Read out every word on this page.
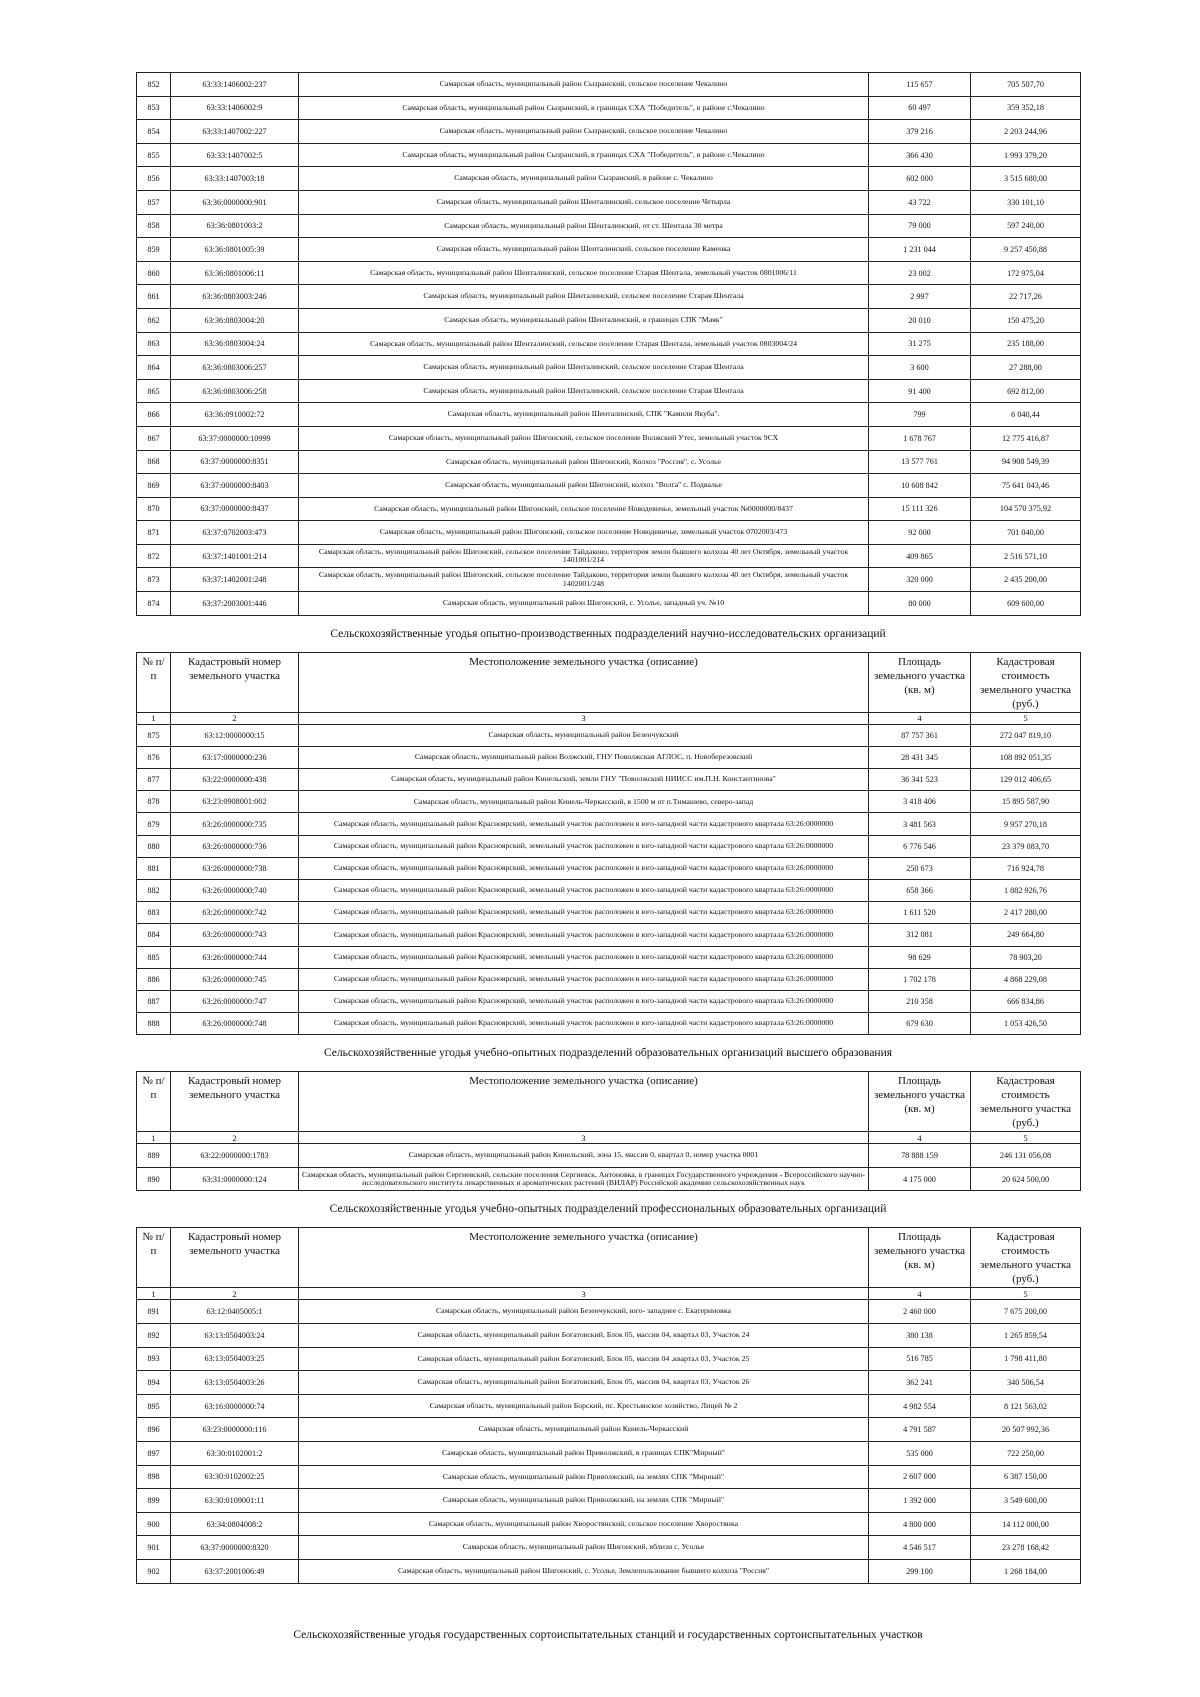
852	63:33:1406002:237	Самарская область, муниципальный район Сызранский, сельское поселение Чекалино	115 657	705 507,70
853	63:33:1406002:9	Самарская область, муниципальный район Сызранский, в границах СХА "Победитель", в районе с.Чекалино	60 497	359 352,18
854	63:33:1407002:227	Самарская область, муниципальный район Сызранский, сельское поселение Чекалино	379 216	2 203 244,96
855	63:33:1407002:5	Самарская область, муниципальный район Сызранский, в границах СХА "Победитель", в районе с.Чекалино	366 430	1 993 379,20
856	63:33:1407003:18	Самарская область, муниципальный район Сызранский, в районе с. Чекалино	602 000	3 515 680,00
857	63:36:0000000:901	Самарская область, муниципальный район Шенталинский, сельское поселение Четырла	43 722	330 101,10
858	63:36:0801003:2	Самарская область, муниципальный район Шенталинский, от ст. Шентала 30 метра	79 000	597 240,00
859	63:36:0801005:39	Самарская область, муниципальный район Шенталинский, сельское поселение Каменка	1 231 044	9 257 450,88
860	63:36:0801006:11	Самарская область, муниципальный район Шенталинский, сельское поселение Старая Шентала, земельный участок 0801006/11	23 002	172 975,04
861	63:36:0803003:246	Самарская область, муниципальный район Шенталинский, сельское поселение Старая Шентала	2 997	22 717,26
862	63:36:0803004:20	Самарская область, муниципальный район Шенталинский, в границах СПК "Маяк"	20 010	150 475,20
863	63:36:0803004:24	Самарская область, муниципальный район Шенталинский, сельское поселение Старая Шентала, земельный участок 0803004/24	31 275	235 188,00
864	63:36:0803006:257	Самарская область, муниципальный район Шенталинский, сельское поселение Старая Шентала	3 600	27 288,00
865	63:36:0803006:258	Самарская область, муниципальный район Шенталинский, сельское поселение Старая Шентала	91 400	692 812,00
866	63:36:0910002:72	Самарская область, муниципальный район Шенталинский, СПК "Камиля Якуба".	799	6 040,44
867	63:37:0000000:10999	Самарская область, муниципальный район Шигонский, сельское поселение Волжский Утес, земельный участок 9СХ	1 678 767	12 775 416,87
868	63:37:0000000:8351	Самарская область, муниципальный район Шигонский, Колхоз "Россия", с. Усолье	13 577 761	94 908 549,39
869	63:37:0000000:8403	Самарская область, муниципальный район Шигонский, колхоз "Волга" с. Подвалье	10 608 842	75 641 043,46
870	63:37:0000000:8437	Самарская область, муниципальный район Шигонский, сельское поселение Новодевичье, земельный участок №0000000/8437	15 111 326	104 570 375,92
871	63:37:0702003:473	Самарская область, муниципальный район Шигонский, сельское поселение Новодевичье, земельный участок 0702003/473	92 000	701 040,00
872	63:37:1401001:214	Самарская область, муниципальный район Шигонский, сельское поселение Тайдаково, территория земли бывшего колхоза 40 лет Октября, земельный участок 1401001/214	409 865	2 516 571,10
873	63:37:1402001:248	Самарская область, муниципальный район Шигонский, сельское поселение Тайдаково, территория земли бывшего колхоза 40 лет Октября, земельный участок 1402001/248	320 000	2 435 200,00
874	63:37:2003001:446	Самарская область, муниципальный район Шигонский, с. Усолье, западный уч. №10	80 000	609 600,00
Сельскохозяйственные угодья опытно-производственных подразделений научно-исследовательских организаций
№ п/п	Кадастровый номер земельного участка	Местоположение земельного участка (описание)	Площадь земельного участка (кв. м)	Кадастровая стоимость земельного участка (руб.)
1	2	3	4	5
875	63:12:0000000:15	Самарская область, муниципальный район Безенчукский	87 757 361	272 047 819,10
876	63:17:0000000:236	Самарская область, муниципальный район Волжский, ГНУ Поволжская АГЛОС, п. Новоберезовский	28 431 345	108 892 051,35
877	63:22:0000000:438	Самарская область, муниципальный район Кинельский, земли ГНУ "Поволжский НИИСС им.П.Н. Константинова"	36 341 523	129 012 406,65
878	63:23:0908001:002	Самарская область, муниципальный район Кинель-Черкасский, в 1500 м от п.Тимашево, северо-запад	3 418 406	15 895 587,90
879	63:26:0000000:735	Самарская область, муниципальный район Красноярский, земельный участок расположен в юго-западной части кадастрового квартала 63:26:0000000	3 481 563	9 957 270,18
880	63:26:0000000:736	Самарская область, муниципальный район Красноярский, земельный участок расположен в юго-западной части кадастрового квартала 63:26:0000000	6 776 546	23 379 083,70
881	63:26:0000000:738	Самарская область, муниципальный район Красноярский, земельный участок расположен в юго-западной части кадастрового квартала 63:26:0000000	250 673	716 924,78
882	63:26:0000000:740	Самарская область, муниципальный район Красноярский, земельный участок расположен в юго-западной части кадастрового квартала 63:26:0000000	658 366	1 882 926,76
883	63:26:0000000:742	Самарская область, муниципальный район Красноярский, земельный участок расположен в юго-западной части кадастрового квартала 63:26:0000000	1 611 520	2 417 280,00
884	63:26:0000000:743	Самарская область, муниципальный район Красноярский, земельный участок расположен в юго-западной части кадастрового квартала 63:26:0000000	312 081	249 664,80
885	63:26:0000000:744	Самарская область, муниципальный район Красноярский, земельный участок расположен в юго-западной части кадастрового квартала 63:26:0000000	98 629	78 903,20
886	63:26:0000000:745	Самарская область, муниципальный район Красноярский, земельный участок расположен в юго-западной части кадастрового квартала 63:26:0000000	1 702 178	4 868 229,08
887	63:26:0000000:747	Самарская область, муниципальный район Красноярский, земельный участок расположен в юго-западной части кадастрового квартала 63:26:0000000	210 358	666 834,86
888	63:26:0000000:748	Самарская область, муниципальный район Красноярский, земельный участок расположен в юго-западной части кадастрового квартала 63:26:0000000	679 630	1 053 426,50
Сельскохозяйственные угодья учебно-опытных подразделений образовательных организаций высшего образования
№ п/п	Кадастровый номер земельного участка	Местоположение земельного участка (описание)	Площадь земельного участка (кв. м)	Кадастровая стоимость земельного участка (руб.)
1	2	3	4	5
889	63:22:0000000:1783	Самарская область, муниципальный район Кинельский, зона 15, массив 0, квартал 0, номер участка 0001	78 888 159	246 131 056,08
890	63:31:0000000:124	Самарская область, муниципальный район Сергиевский, сельские поселения Сергиевск, Антоновка, в границах Государственного учреждения - Всероссийского научно-исследовательского института лекарственных и ароматических растений (ВИЛАР) Российской академии сельскохозяйственных наук	4 175 000	20 624 500,00
Сельскохозяйственные угодья учебно-опытных подразделений профессиональных образовательных организаций
№ п/п	Кадастровый номер земельного участка	Местоположение земельного участка (описание)	Площадь земельного участка (кв. м)	Кадастровая стоимость земельного участка (руб.)
1	2	3	4	5
891	63:12:0405005:1	Самарская область, муниципальный район Безенчукский, юго- западнее с. Екатериновка	2 460 000	7 675 200,00
892	63:13:0504003:24	Самарская область, муниципальный район Богатовский, Блок 05, массив 04, квартал 03, Участок 24	380 138	1 265 859,54
893	63:13:0504003:25	Самарская область, муниципальный район Богатовский, Блок 05, массив 04 ,квартал 03, Участок 25	516 785	1 798 411,80
894	63:13:0504003:26	Самарская область, муниципальный район Богатовский, Блок 05, массив 04, квартал 03, Участок 26	362 241	340 506,54
895	63:16:0000000:74	Самарская область, муниципальный район Борский, пс. Крестьянское хозяйство, Лицей № 2	4 982 554	8 121 563,02
896	63:23:0000000:116	Самарская область, муниципальный район Кинель-Черкасский	4 791 587	20 507 992,36
897	63:30:0102001:2	Самарская область, муниципальный район Приволжский, в границах СПК"Мирный"	535 000	722 250,00
898	63:30:0102002:25	Самарская область, муниципальный район Приволжский, на землях СПК "Мирный"	2 607 000	6 387 150,00
899	63:30:0109001:11	Самарская область, муниципальный район Приволжский, на землях СПК "Мирный"	1 392 000	3 549 600,00
900	63:34:0804008:2	Самарская область, муниципальный район Хворостянский, сельское поселение Хворостянка	4 800 000	14 112 000,00
901	63:37:0000000:8320	Самарская область, муниципальный район Шигонский, вблизи с. Усолье	4 546 517	23 278 168,42
902	63:37:2001006:49	Самарская область, муниципальный район Шигонский, с. Усолье, Землепользование бывшего колхоза "Россия"	299 100	1 268 184,00
Сельскохозяйственные угодья государственных сортоиспытательных станций и государственных сортоиспытательных участков
